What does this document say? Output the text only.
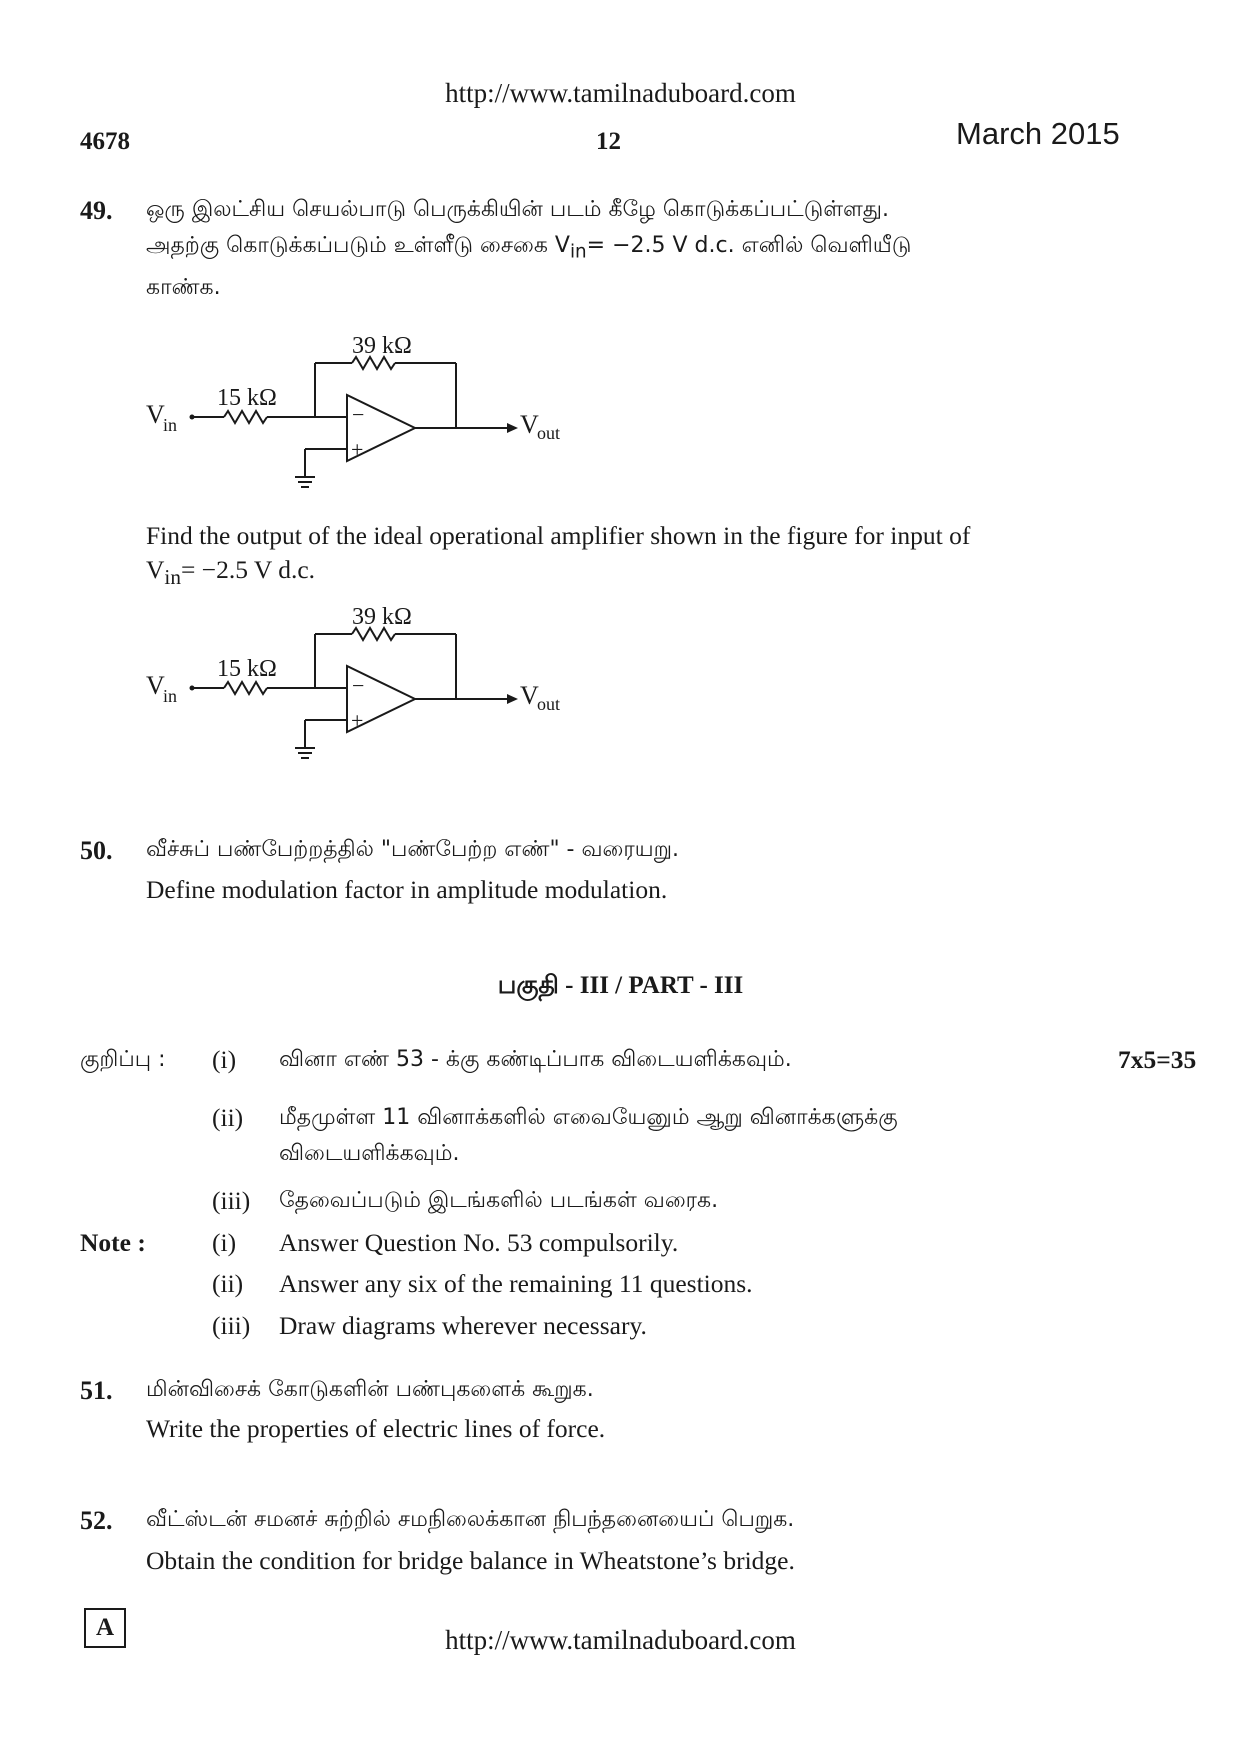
http://www.tamilnaduboard.com
4678	12	March 2015
49. ஒரு இலட்சிய செயல்பாடு பெருக்கியின் படம் கீழே கொடுக்கப்பட்டுள்ளது.
அதற்கு கொடுக்கப்படும் உள்ளீடு சைகை $V_{in}= -2.5$ V d.c. எனில் வெளியீடு
காண்க.
39 kΩ
15 kΩ
V
in	−
+
V
out
Find the output of the ideal operational amplifier shown in the figure for input of
$V_{in}= -2.5$ V d.c.
39 kΩ
15 kΩ
V
in	−
+
V
out
50. வீச்சுப் பண்பேற்றத்தில் "பண்பேற்ற எண்" - வரையறு.
Define modulation factor in amplitude modulation.
பகுதி - III / PART - III
குறிப்பு : (i) வினா எண் 53 - க்கு கண்டிப்பாக விடையளிக்கவும்.	7x5=35
(ii) மீதமுள்ள 11 வினாக்களில் எவையேனும் ஆறு வினாக்களுக்கு
விடையளிக்கவும்.
(iii) தேவைப்படும் இடங்களில் படங்கள் வரைக.
Note :	(i) Answer Question No. 53 compulsorily.
(ii) Answer any six of the remaining 11 questions.
(iii) Draw diagrams wherever necessary.
51. மின்விசைக் கோடுகளின் பண்புகளைக் கூறுக.
Write the properties of electric lines of force.
52. வீட்ஸ்டன் சமனச் சுற்றில் சமநிலைக்கான நிபந்தனையைப் பெறுக.
Obtain the condition for bridge balance in Wheatstone’s bridge.
A	http://www.tamilnaduboard.com
